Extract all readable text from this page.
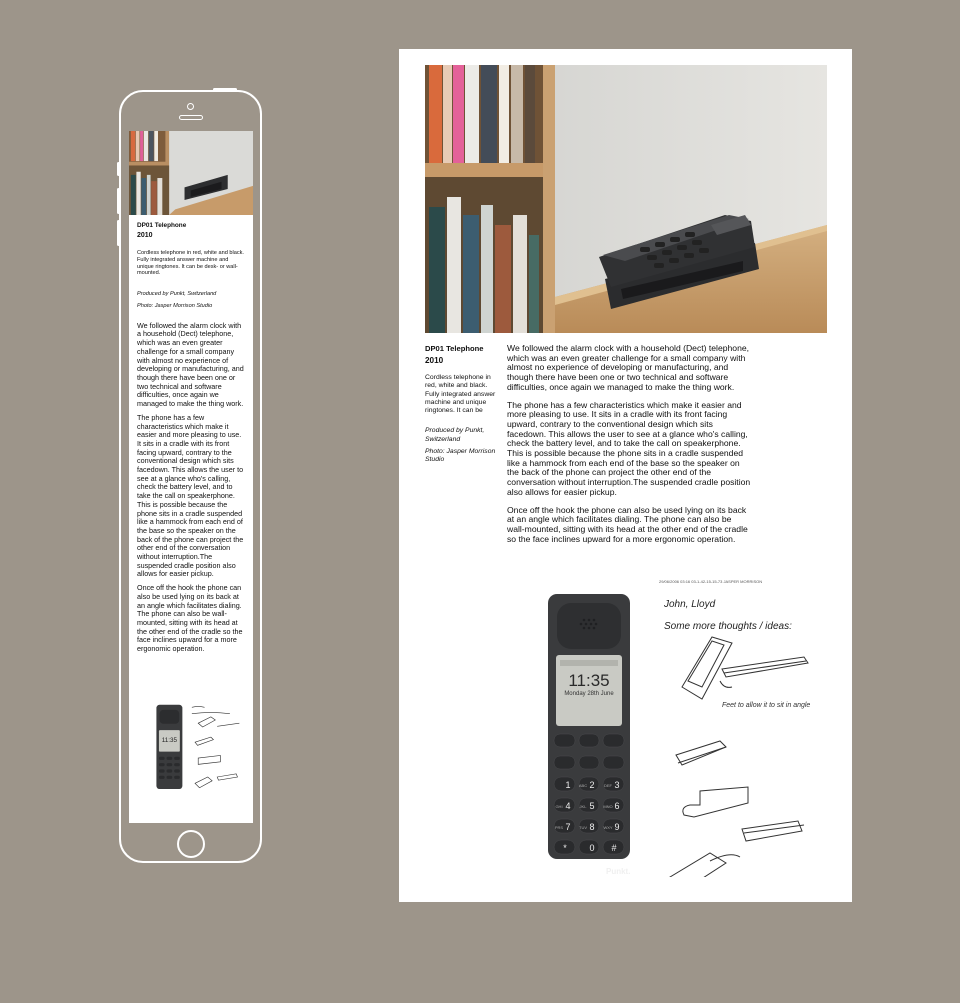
DP01 Telephone
2010
Cordless telephone in red, white and black. Fully integrated answer machine and unique ringtones. It can be desk- or wall-mounted.
Produced by Punkt, Switzerland
Photo: Jasper Morrison Studio

We followed the alarm clock with a household (Dect) telephone, which was an even greater challenge for a small company with almost no experience of developing or manufacturing, and though there have been one or two technical and software difficulties, once again we managed to make the thing work.

The phone has a few characteristics which make it easier and more pleasing to use. It sits in a cradle with its front facing upward, contrary to the conventional design which sits facedown. This allows the user to see at a glance who's calling, check the battery level, and to take the call on speakerphone. This is possible because the phone sits in a cradle suspended like a hammock from each end of the base so the speaker on the back of the phone can project the other end of the conversation without interruption.The suspended cradle position also allows for easier pickup.

Once off the hook the phone can also be used lying on its back at an angle which facilitates dialing. The phone can also be wall-mounted, sitting with its head at the other end of the cradle so the face inclines upward for a more ergonomic operation.

11:35
DP01 Telephone
2010
Cordless telephone in red, white and black. Fully integrated answer machine and unique ringtones. It can be
Produced by Punkt, Switzerland
Photo: Jasper Morrison Studio

We followed the alarm clock with a household (Dect) telephone, which was an even greater challenge for a small company with almost no experience of developing or manufacturing, and though there have been one or two technical and software difficulties, once again we managed to make the thing work.

The phone has a few characteristics which make it easier and more pleasing to use. It sits in a cradle with its front facing upward, contrary to the conventional design which sits facedown. This allows the user to see at a glance who's calling, check the battery level, and to take the call on speakerphone. This is possible because the phone sits in a cradle suspended like a hammock from each end of the base so the speaker on the back of the phone can project the other end of the conversation without interruption.The suspended cradle position also allows for easier pickup.

Once off the hook the phone can also be used lying on its back at an angle which facilitates dialing. The phone can also be wall-mounted, sitting with its head at the other end of the cradle so the face inclines upward for a more ergonomic operation.

11:35
Monday 28th June
1 2 3
4 5 6
7 8 9
*	0 #
ABC	DEF
GHI	JKL	MNO
PRS	TUV	WXY
Punkt.
29/06/2006 03:16 03-1-42-15-15-73 JASPER MORRISON
John, Lloyd
Some more thoughts / ideas:
Feet to allow it to sit in angle
